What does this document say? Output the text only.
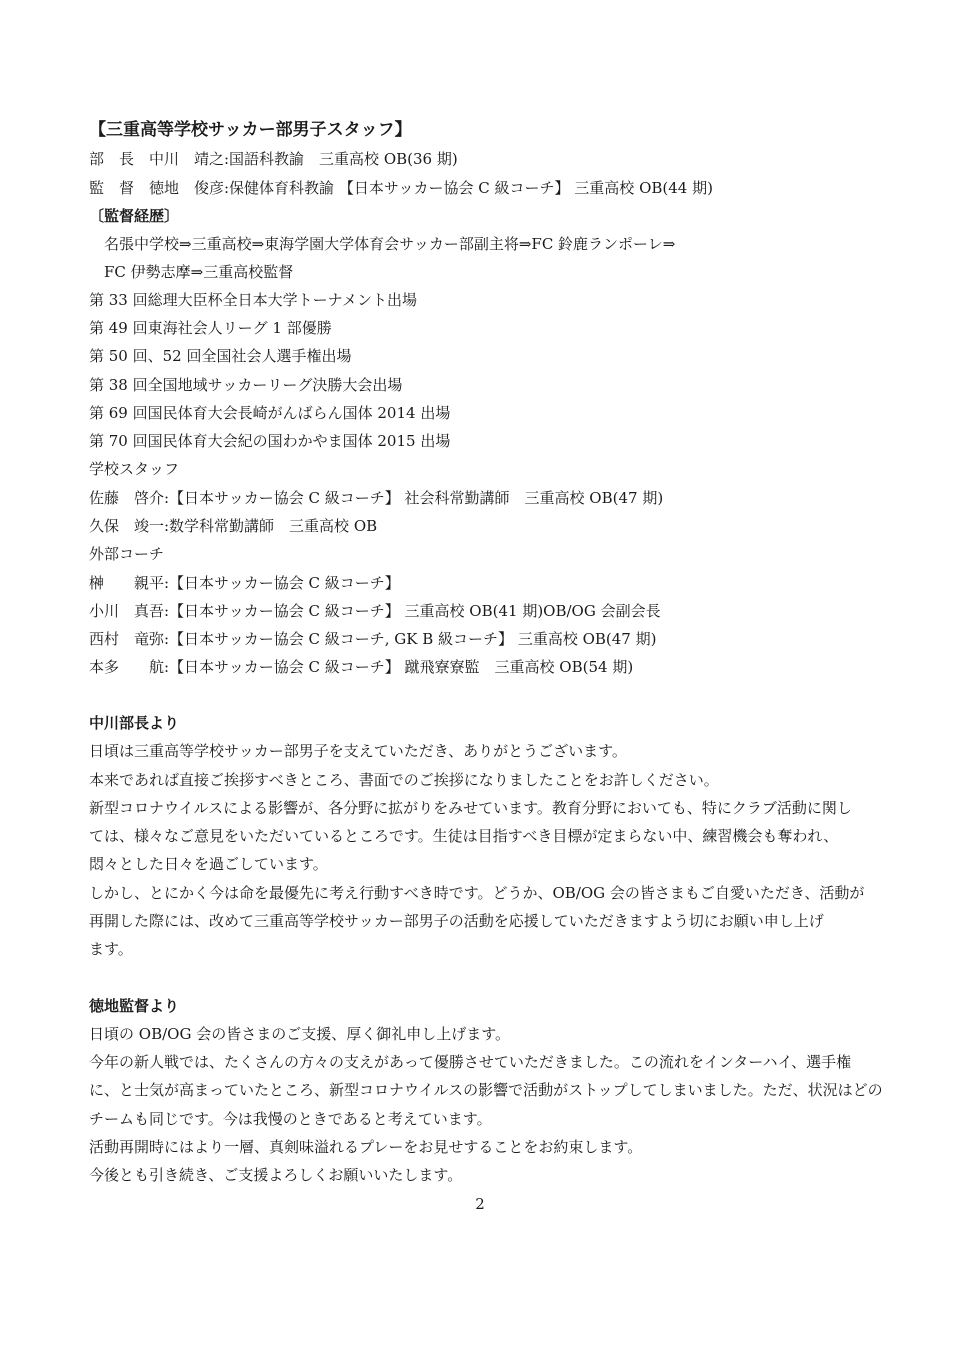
【三重高等学校サッカー部男子スタッフ】
部　長　中川　靖之:国語科教諭　三重高校 OB(36 期)
監　督　徳地　俊彦:保健体育科教諭 【日本サッカー協会 C 級コーチ】 三重高校 OB(44 期)
〔監督経歴〕
名張中学校⇒三重高校⇒東海学園大学体育会サッカー部副主将⇒FC 鈴鹿ランポーレ⇒
FC 伊勢志摩⇒三重高校監督
第 33 回総理大臣杯全日本大学トーナメント出場
第 49 回東海社会人リーグ 1 部優勝
第 50 回、52 回全国社会人選手権出場
第 38 回全国地域サッカーリーグ決勝大会出場
第 69 回国民体育大会長崎がんばらん国体 2014 出場
第 70 回国民体育大会紀の国わかやま国体 2015 出場
学校スタッフ
佐藤　啓介:【日本サッカー協会 C 級コーチ】 社会科常勤講師　三重高校 OB(47 期)
久保　竣一:数学科常勤講師　三重高校 OB
外部コーチ
榊　　親平:【日本サッカー協会 C 級コーチ】
小川　真吾:【日本サッカー協会 C 級コーチ】 三重高校 OB(41 期)OB/OG 会副会長
西村　竜弥:【日本サッカー協会 C 級コーチ, GK B 級コーチ】 三重高校 OB(47 期)
本多　　航:【日本サッカー協会 C 級コーチ】 蹴飛寮寮監　三重高校 OB(54 期)
中川部長より
日頃は三重高等学校サッカー部男子を支えていただき、ありがとうございます。
本来であれば直接ご挨拶すべきところ、書面でのご挨拶になりましたことをお許しください。
新型コロナウイルスによる影響が、各分野に拡がりをみせています。教育分野においても、特にクラブ活動に関し
ては、様々なご意見をいただいているところです。生徒は目指すべき目標が定まらない中、練習機会も奪われ、
悶々とした日々を過ごしています。
しかし、とにかく今は命を最優先に考え行動すべき時です。どうか、OB/OG 会の皆さまもご自愛いただき、活動が
再開した際には、改めて三重高等学校サッカー部男子の活動を応援していただきますよう切にお願い申し上げ
ます。
徳地監督より
日頃の OB/OG 会の皆さまのご支援、厚く御礼申し上げます。
今年の新人戦では、たくさんの方々の支えがあって優勝させていただきました。この流れをインターハイ、選手権
に、と士気が高まっていたところ、新型コロナウイルスの影響で活動がストップしてしまいました。ただ、状況はどの
チームも同じです。今は我慢のときであると考えています。
活動再開時にはより一層、真剣味溢れるプレーをお見せすることをお約束します。
今後とも引き続き、ご支援よろしくお願いいたします。
2
